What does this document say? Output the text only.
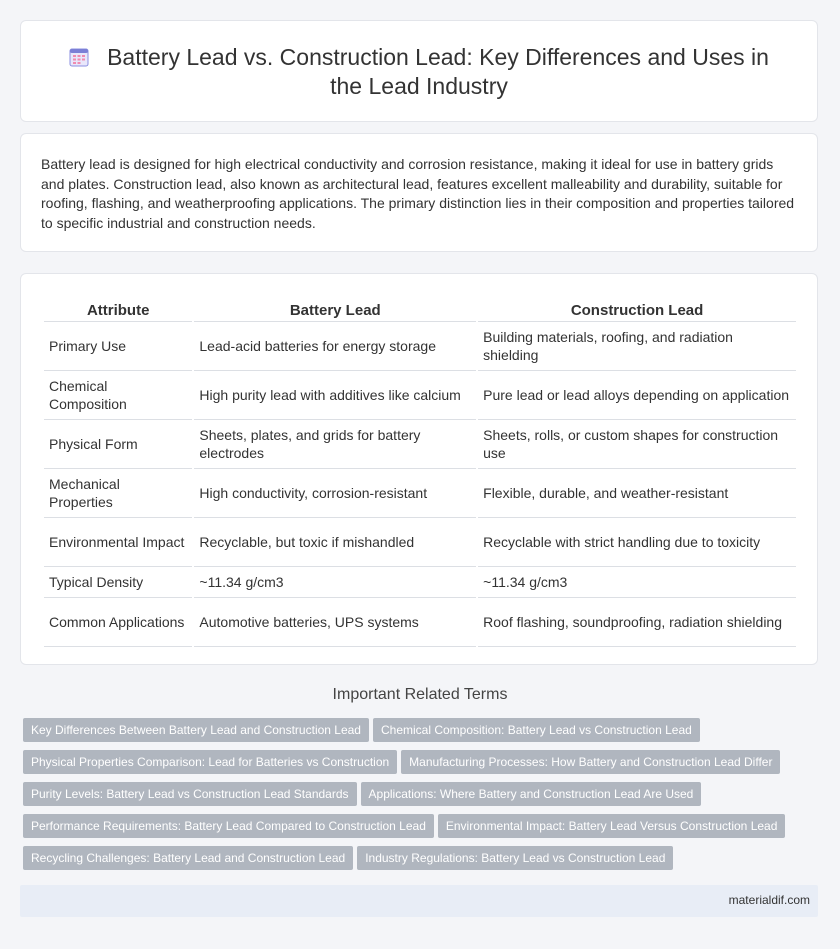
Battery Lead vs. Construction Lead: Key Differences and Uses in the Lead Industry
Battery lead is designed for high electrical conductivity and corrosion resistance, making it ideal for use in battery grids and plates. Construction lead, also known as architectural lead, features excellent malleability and durability, suitable for roofing, flashing, and weatherproofing applications. The primary distinction lies in their composition and properties tailored to specific industrial and construction needs.
Attribute	Battery Lead	Construction Lead
Primary Use	Lead-acid batteries for energy storage	Building materials, roofing, and radiation shielding
Chemical Composition	High purity lead with additives like calcium	Pure lead or lead alloys depending on application
Physical Form	Sheets, plates, and grids for battery electrodes	Sheets, rolls, or custom shapes for construction use
Mechanical Properties	High conductivity, corrosion-resistant	Flexible, durable, and weather-resistant
Environmental Impact	Recyclable, but toxic if mishandled	Recyclable with strict handling due to toxicity
Typical Density	~11.34 g/cm3	~11.34 g/cm3
Common Applications	Automotive batteries, UPS systems	Roof flashing, soundproofing, radiation shielding
Important Related Terms
Key Differences Between Battery Lead and Construction Lead Chemical Composition: Battery Lead vs Construction Lead
Physical Properties Comparison: Lead for Batteries vs Construction Manufacturing Processes: How Battery and Construction Lead Differ
Purity Levels: Battery Lead vs Construction Lead Standards Applications: Where Battery and Construction Lead Are Used
Performance Requirements: Battery Lead Compared to Construction Lead Environmental Impact: Battery Lead Versus Construction Lead
Recycling Challenges: Battery Lead and Construction Lead Industry Regulations: Battery Lead vs Construction Lead
materialdif.com
